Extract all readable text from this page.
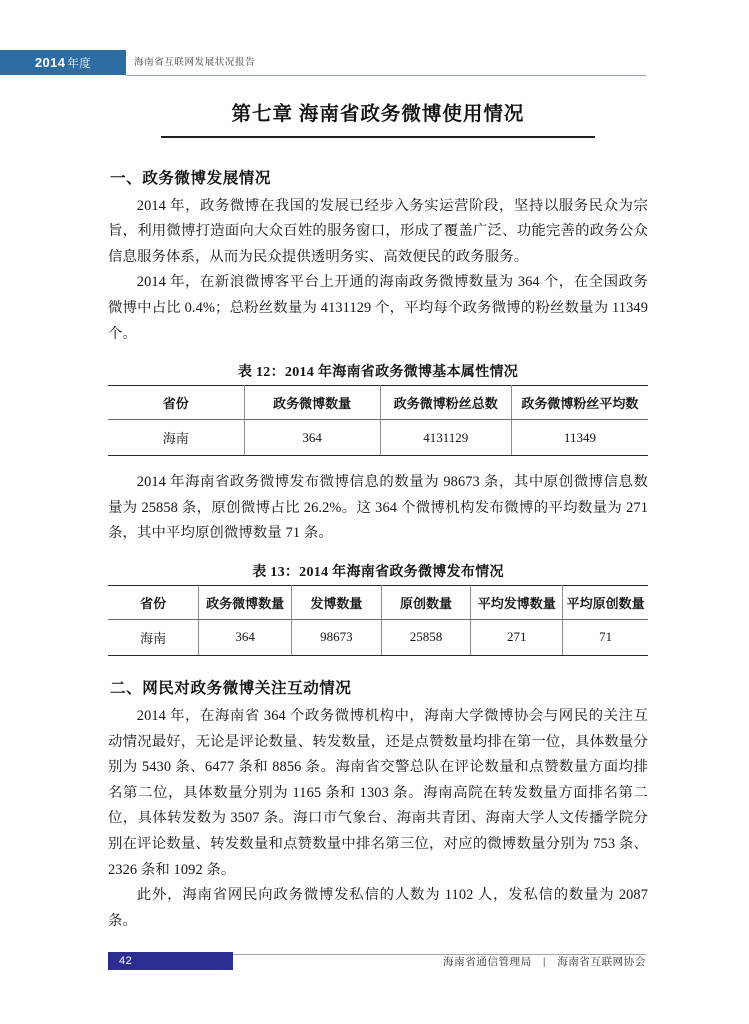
2014 年度	海南省互联网发展状况报告
第七章 海南省政务微博使用情况
一、政务微博发展情况

2014 年，政务微博在我国的发展已经步入务实运营阶段，坚持以服务民众为宗旨，利用微博打造面向大众百姓的服务窗口，形成了覆盖广泛、功能完善的政务公众信息服务体系，从而为民众提供透明务实、高效便民的政务服务。

2014 年，在新浪微博客平台上开通的海南政务微博数量为 364 个，在全国政务微博中占比 0.4%；总粉丝数量为 4131129 个，平均每个政务微博的粉丝数量为 11349 个。

表 12：2014 年海南省政务微博基本属性情况
省份	政务微博数量	政务微博粉丝总数	政务微博粉丝平均数
海南	364	4131129	11349

2014 年海南省政务微博发布微博信息的数量为 98673 条，其中原创微博信息数量为 25858 条，原创微博占比 26.2%。这 364 个微博机构发布微博的平均数量为 271 条，其中平均原创微博数量 71 条。

表 13：2014 年海南省政务微博发布情况
省份	政务微博数量	发博数量	原创数量	平均发博数量	平均原创数量
海南	364	98673	25858	271	71
二、网民对政务微博关注互动情况

2014 年，在海南省 364 个政务微博机构中，海南大学微博协会与网民的关注互动情况最好，无论是评论数量、转发数量，还是点赞数量均排在第一位，具体数量分别为 5430 条、6477 条和 8856 条。海南省交警总队在评论数量和点赞数量方面均排名第二位，具体数量分别为 1165 条和 1303 条。海南高院在转发数量方面排名第二位，具体转发数为 3507 条。海口市气象台、海南共青团、海南大学人文传播学院分别在评论数量、转发数量和点赞数量中排名第三位，对应的微博数量分别为 753 条、2326 条和 1092 条。

此外，海南省网民向政务微博发私信的人数为 1102 人，发私信的数量为 2087 条。

42	海南省通信管理局 | 海南省互联网协会
